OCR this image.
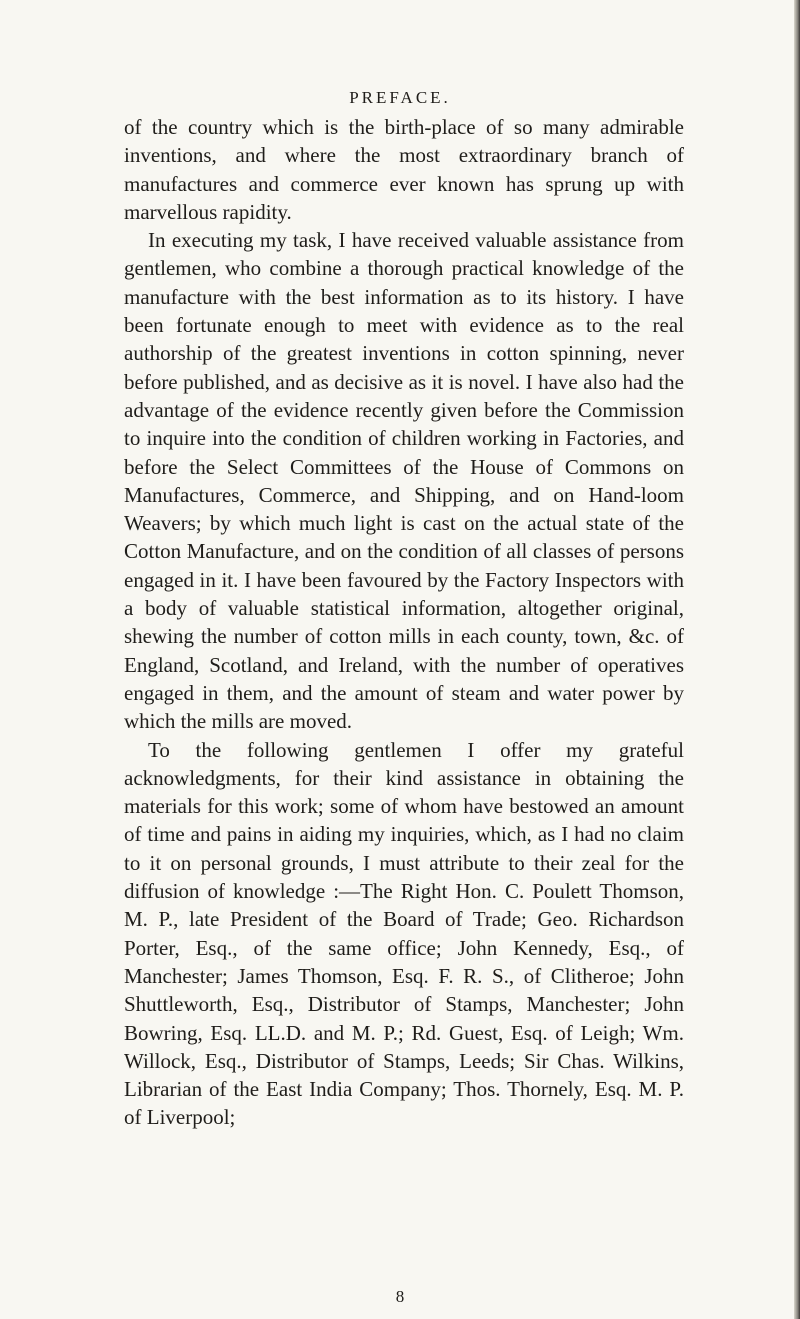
PREFACE.

of the country which is the birth-place of so many admirable inventions, and where the most extraordinary branch of manufactures and commerce ever known has sprung up with marvellous rapidity.

In executing my task, I have received valuable assistance from gentlemen, who combine a thorough practical knowledge of the manufacture with the best information as to its history. I have been fortunate enough to meet with evidence as to the real authorship of the greatest inventions in cotton spinning, never before published, and as decisive as it is novel. I have also had the advantage of the evidence recently given before the Commission to inquire into the condition of children working in Factories, and before the Select Committees of the House of Commons on Manufactures, Commerce, and Shipping, and on Hand-loom Weavers; by which much light is cast on the actual state of the Cotton Manufacture, and on the condition of all classes of persons engaged in it. I have been favoured by the Factory Inspectors with a body of valuable statistical information, altogether original, shewing the number of cotton mills in each county, town, &c. of England, Scotland, and Ireland, with the number of operatives engaged in them, and the amount of steam and water power by which the mills are moved.

To the following gentlemen I offer my grateful acknowledgments, for their kind assistance in obtaining the materials for this work; some of whom have bestowed an amount of time and pains in aiding my inquiries, which, as I had no claim to it on personal grounds, I must attribute to their zeal for the diffusion of knowledge :—The Right Hon. C. Poulett Thomson, M. P., late President of the Board of Trade; Geo. Richardson Porter, Esq., of the same office; John Kennedy, Esq., of Manchester; James Thomson, Esq. F. R. S., of Clitheroe; John Shuttleworth, Esq., Distributor of Stamps, Manchester; John Bowring, Esq. LL.D. and M. P.; Rd. Guest, Esq. of Leigh; Wm. Willock, Esq., Distributor of Stamps, Leeds; Sir Chas. Wilkins, Librarian of the East India Company; Thos. Thornely, Esq. M. P. of Liverpool;

8
